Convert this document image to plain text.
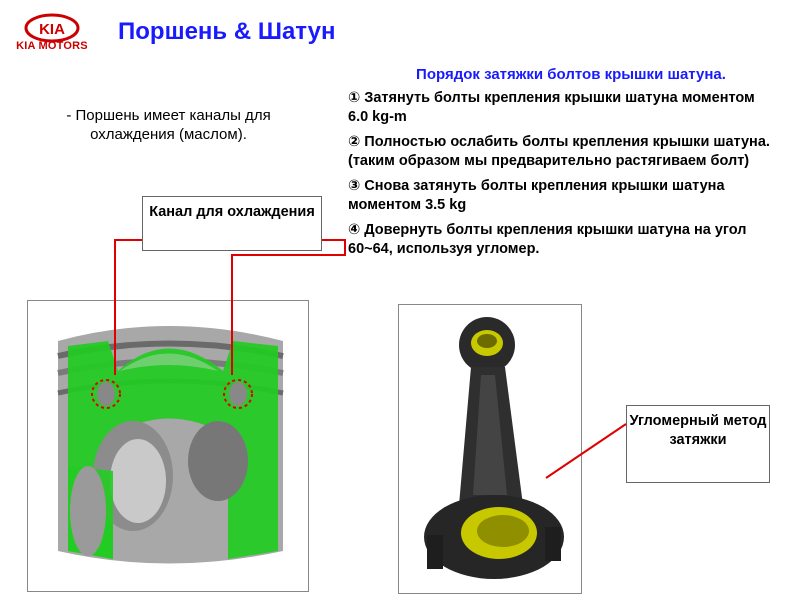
KIA
KIA MOTORS
Поршень & Шатун
- Поршень имеет каналы для охлаждения (маслом).
Порядок затяжки болтов крышки шатуна.
① Затянуть болты крепления крышки шатуна моментом 6.0 kg-m
② Полностью ослабить болты крепления крышки шатуна. (таким образом мы предварительно растягиваем болт)
③ Снова затянуть болты крепления крышки шатуна моментом 3.5 kg
④ Довернуть болты крепления крышки шатуна на угол 60~64, используя угломер.
Канал для охлаждения
Угломерный метод затяжки
